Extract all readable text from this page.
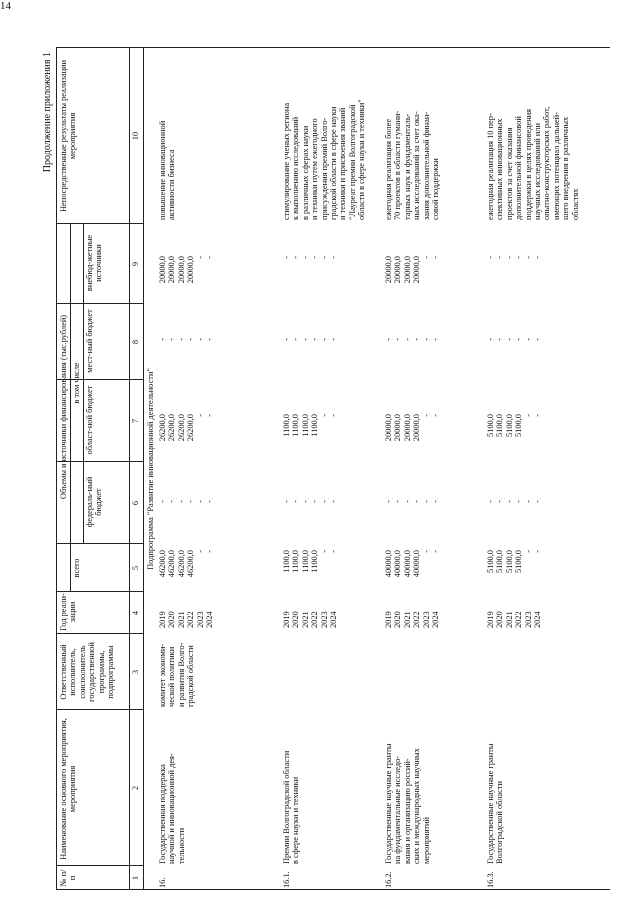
14
Продолжение приложения 1
№ п/п
Наименование основного мероприятия, мероприятия
Ответственный исполнитель, соисполнитель государственной программы, подпрограммы
Год реали-зации
Объемы и источники финансирования (тыс.рублей)
всего
в том числе
федераль-ный бюджет
област-ной бюджет
мест-ный бюджет
внебюд-жетные источники
Непосредственные результаты реализации мероприятия
1
2
3
4
5
6
7
8
9
10
Подпрограмма "Развитие инновационной деятельности"
16.
Государственная поддержка научной и инновационной дея- тельности
комитет экономи- ческой политики и развития Волго- градской области
2019 2020 2021 2022 2023 2024
46200,0 46200,0 46200,0 46200,0 - -
- - - - - -
26200,0 26200,0 26200,0 26200,0 - -
- - - - - -
20000,0 20000,0 20000,0 20000,0 - -
повышение инновационной активности бизнеса
16.1.
Премии Волгоградской области в сфере науки и техники
2019 2020 2021 2022 2023 2024
1100,0 1100,0 1100,0 1100,0 - -
- - - - - -
1100,0 1100,0 1100,0 1100,0 - -
- - - - - -
- - - - - -
стимулирование ученых региона к выполнению исследований в различных сферах науки и техники путем ежегодного присуждения премий Волго- градской области в сфере науки и техники и присвоения званий "Лауреат премии Волгоградской области в сфере науки и техники"
16.2.
Государственные научные гранты на фундаментальные исследо- вания и организацию россий- ских и международных научных мероприятий
2019 2020 2021 2022 2023 2024
40000,0 40000,0 40000,0 40000,0 - -
- - - - - -
20000,0 20000,0 20000,0 20000,0 - -
- - - - - -
20000,0 20000,0 20000,0 20000,0 - -
ежегодная реализация более 70 проектов в области гумани- тарных наук и фундаменталь- ных исследований за счет ока- зания дополнительной финан- совой поддержки
16.3.
Государственные научные гранты Волгоградской области
2019 2020 2021 2022 2023 2024
5100,0 5100,0 5100,0 5100,0 - -
- - - - - -
5100,0 5100,0 5100,0 5100,0 - -
- - - - - -
- - - - - -
ежегодная реализация 10 пер- спективных инновационных проектов за счет оказания дополнительной финансовой поддержки в целях проведения научных исследований или опытно-конструкторских работ, имеющих потенциал дальней- шего внедрения в различных областях
